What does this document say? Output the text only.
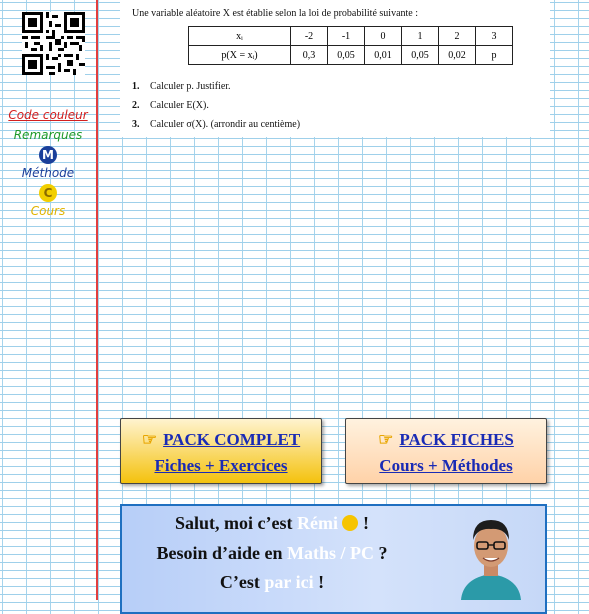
Code couleur
Remarques
M
Méthode
C
Cours
Une variable aléatoire X est établie selon la loi de probabilité suivante :
xᵢ	-2	-1	0	1	2	3
p(X = xᵢ)	0,3	0,05	0,01	0,05	0,02	p
1. Calculer p. Justifier.
2. Calculer E(X).
3. Calculer σ(X). (arrondir au centième)
☞ PACK COMPLET
Fiches + Exercices
☞ PACK FICHES
Cours + Méthodes
Salut, moi c’est Rémi  !
Besoin d’aide en Maths / PC ?
C’est par ici !
